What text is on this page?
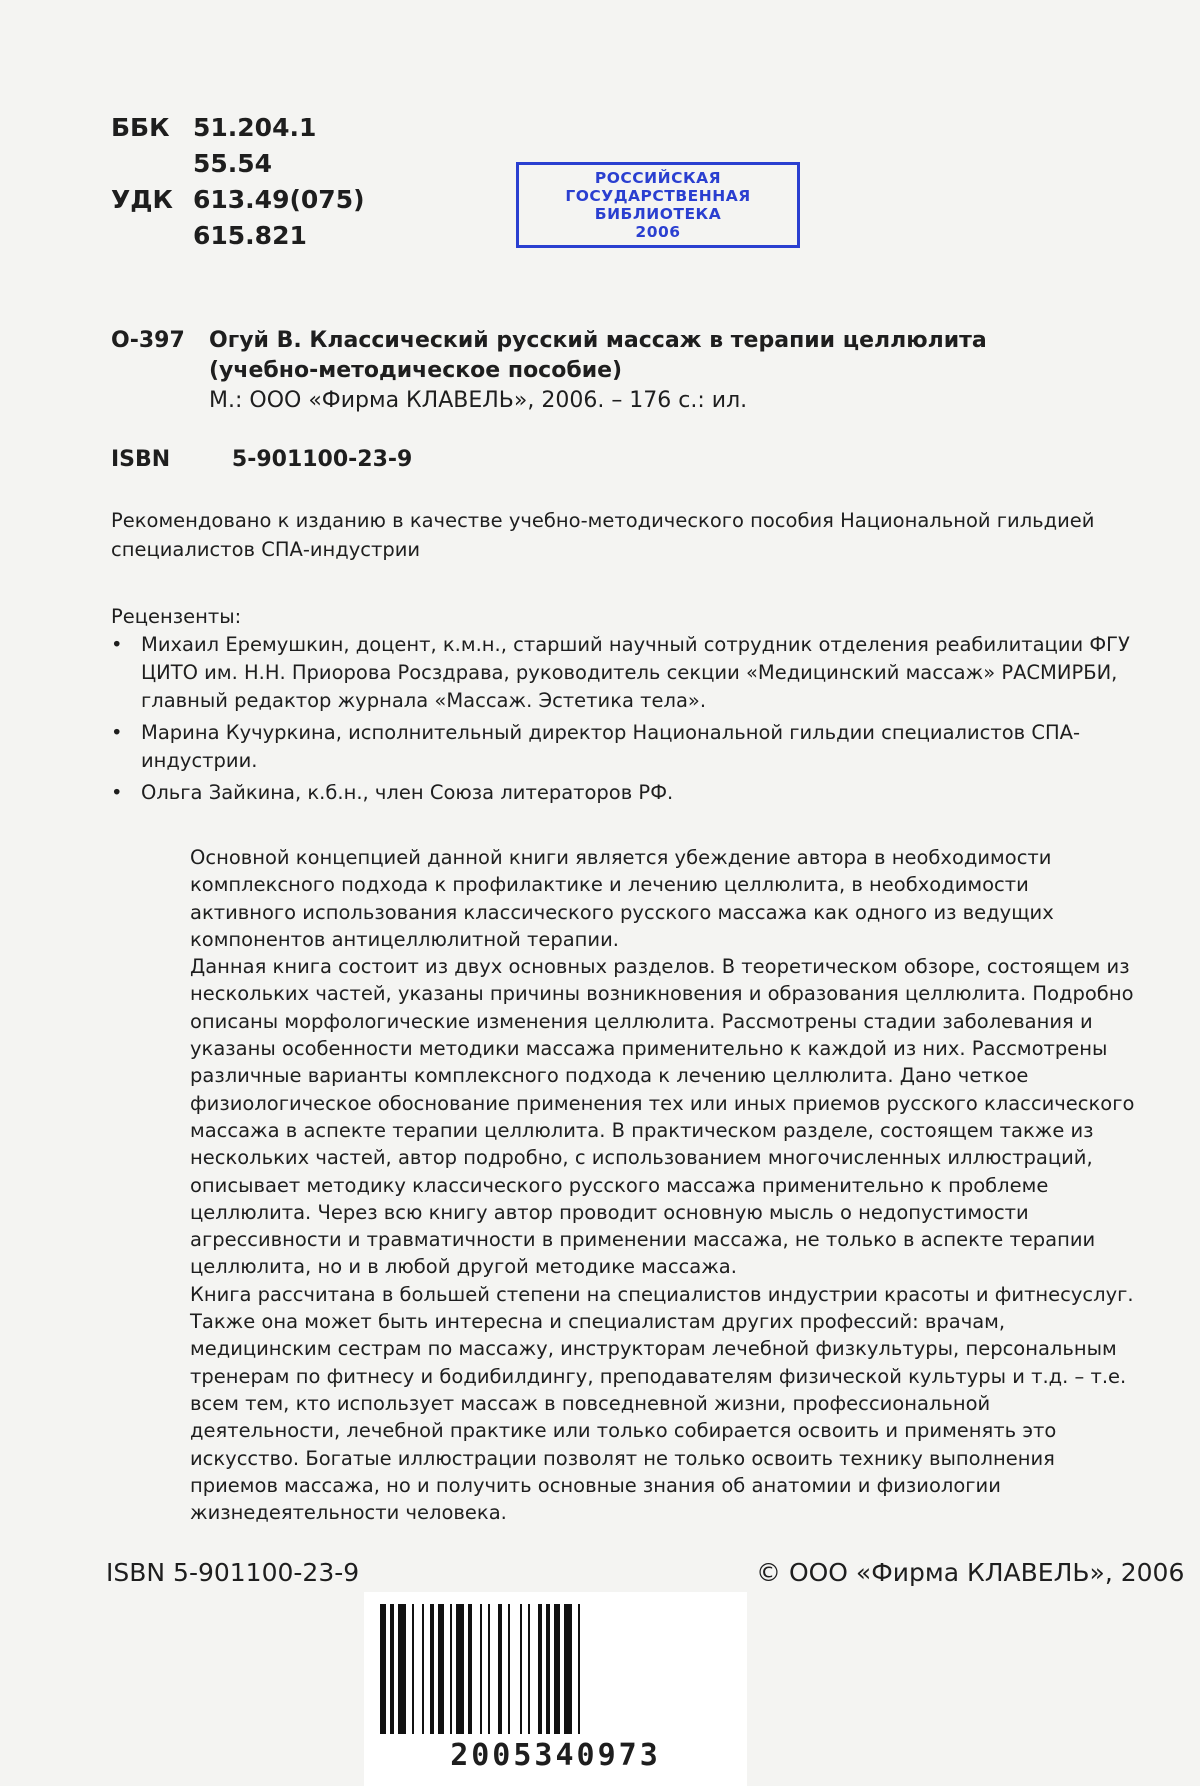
ББК 51.204.1
55.54
УДК 613.49(075)
615.821
РОССИЙСКАЯ
ГОСУДАРСТВЕННАЯ
БИБЛИОТЕКА
2006
О-397 Огуй В. Классический русский массаж в терапии целлюлита
(учебно-методическое пособие)
М.: ООО «Фирма КЛАВЕЛЬ», 2006. – 176 с.: ил.
ISBN	5-901100-23-9
Рекомендовано к изданию в качестве учебно-методического пособия Национальной гильдией специалистов СПА-индустрии
Рецензенты:
• Михаил Еремушкин, доцент, к.м.н., старший научный сотрудник отделения реабилитации ФГУ ЦИТО им. Н.Н. Приорова Росздрава, руководитель секции «Медицинский массаж» РАСМИРБИ, главный редактор журнала «Массаж. Эстетика тела».
• Марина Кучуркина, исполнительный директор Национальной гильдии специалистов СПА-индустрии.
• Ольга Зайкина, к.б.н., член Союза литераторов РФ.

Основной концепцией данной книги является убеждение автора в необходимости комплексного подхода к профилактике и лечению целлюлита, в необходимости активного использования классического русского массажа как одного из ведущих компонентов антицеллюлитной терапии.

Данная книга состоит из двух основных разделов. В теоретическом обзоре, состоящем из нескольких частей, указаны причины возникновения и образования целлюлита. Подробно описаны морфологические изменения целлюлита. Рассмотрены стадии заболевания и указаны особенности методики массажа применительно к каждой из них. Рассмотрены различные варианты комплексного подхода к лечению целлюлита. Дано четкое физиологическое обоснование применения тех или иных приемов русского классического массажа в аспекте терапии целлюлита. В практическом разделе, состоящем также из нескольких частей, автор подробно, с использованием многочисленных иллюстраций, описывает методику классического русского массажа применительно к проблеме целлюлита. Через всю книгу автор проводит основную мысль о недопустимости агрессивности и травматичности в применении массажа, не только в аспекте терапии целлюлита, но и в любой другой методике массажа.

Книга рассчитана в большей степени на специалистов индустрии красоты и фитнесуслуг. Также она может быть интересна и специалистам других профессий: врачам, медицинским сестрам по массажу, инструкторам лечебной физкультуры, персональным тренерам по фитнесу и бодибилдингу, преподавателям физической культуры и т.д. – т.е. всем тем, кто использует массаж в повседневной жизни, профессиональной деятельности, лечебной практике или только собирается освоить и применять это искусство. Богатые иллюстрации позволят не только освоить технику выполнения приемов массажа, но и получить основные знания об анатомии и физиологии жизнедеятельности человека.

ISBN 5-901100-23-9	© ООО «Фирма КЛАВЕЛЬ», 2006
2005340973
